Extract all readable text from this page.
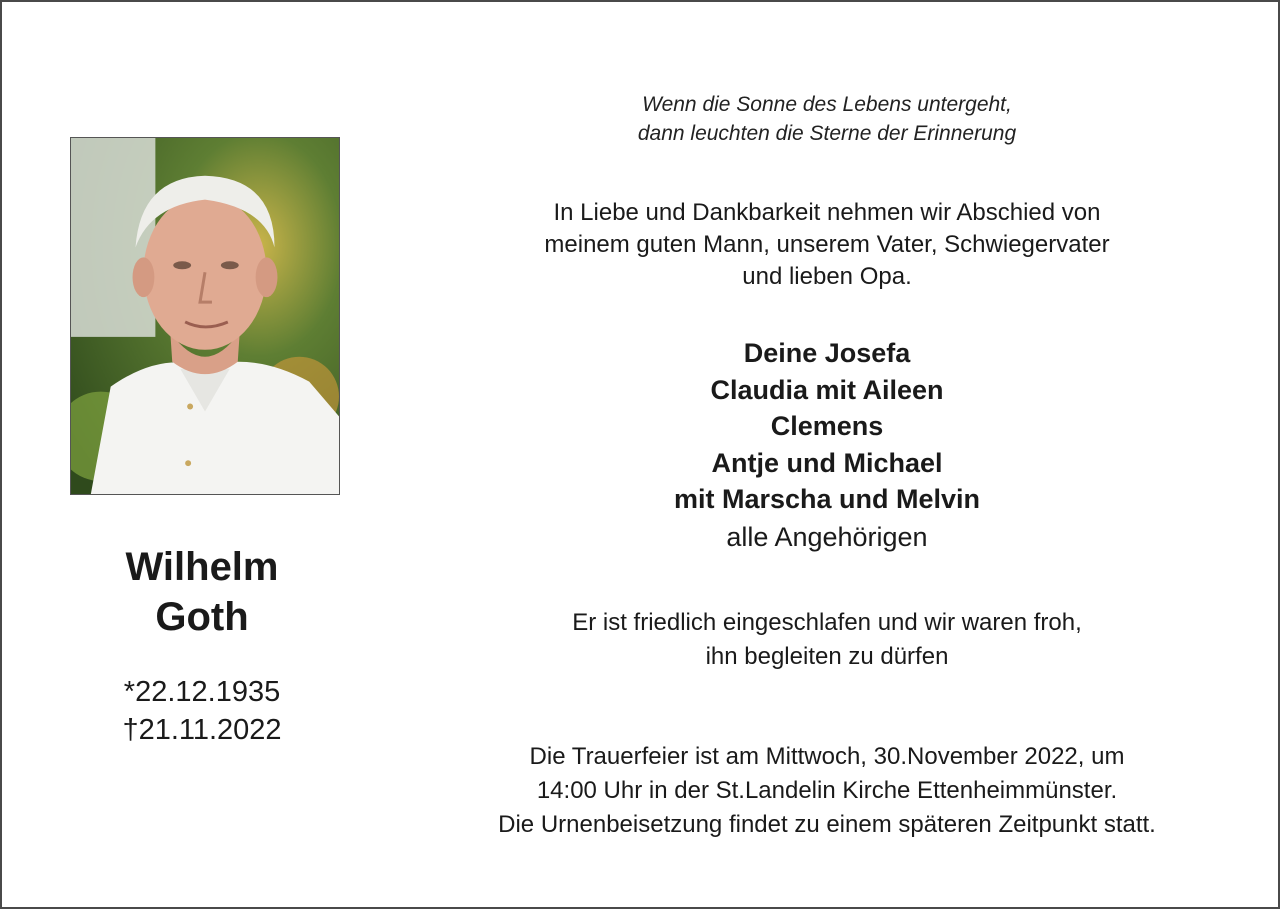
Wilhelm
Goth
*22.12.1935
†21.11.2022
Wenn die Sonne des Lebens untergeht,
dann leuchten die Sterne der Erinnerung
In Liebe und Dankbarkeit nehmen wir Abschied von
meinem guten Mann, unserem Vater, Schwiegervater
und lieben Opa.
Deine Josefa
Claudia mit Aileen
Clemens
Antje und Michael
mit Marscha und Melvin
alle Angehörigen
Er ist friedlich eingeschlafen und wir waren froh,
ihn begleiten zu dürfen
Die Trauerfeier ist am Mittwoch, 30.November 2022, um
14:00 Uhr in der St.Landelin Kirche Ettenheimmünster.
Die Urnenbeisetzung findet zu einem späteren Zeitpunkt statt.
